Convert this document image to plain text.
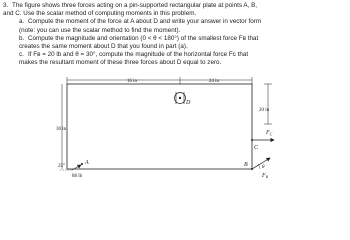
3. The figure shows three forces acting on a pin-supported rectangular plate at points A, B,

and C. Use the scalar method of computing moments in this problem.

a. Compute the moment of the force at A about D and write your answer in vector form

(note: you can use the scalar method to find the moment).

b. Compute the magnitude and orientation (0 < θ < 180°) of the smallest force Fʙ that

creates the same moment about D that you found in part (a).

c. If Fʙ = 20 lb and θ = 30°, compute the magnitude of the horizontal force Fᴄ that

makes the resultant moment of these three forces about D equal to zero.

16 in	24 in
D
30 in
20 in
$F_C$
C
B	θ
$F_B$
25°
A
88 lb
